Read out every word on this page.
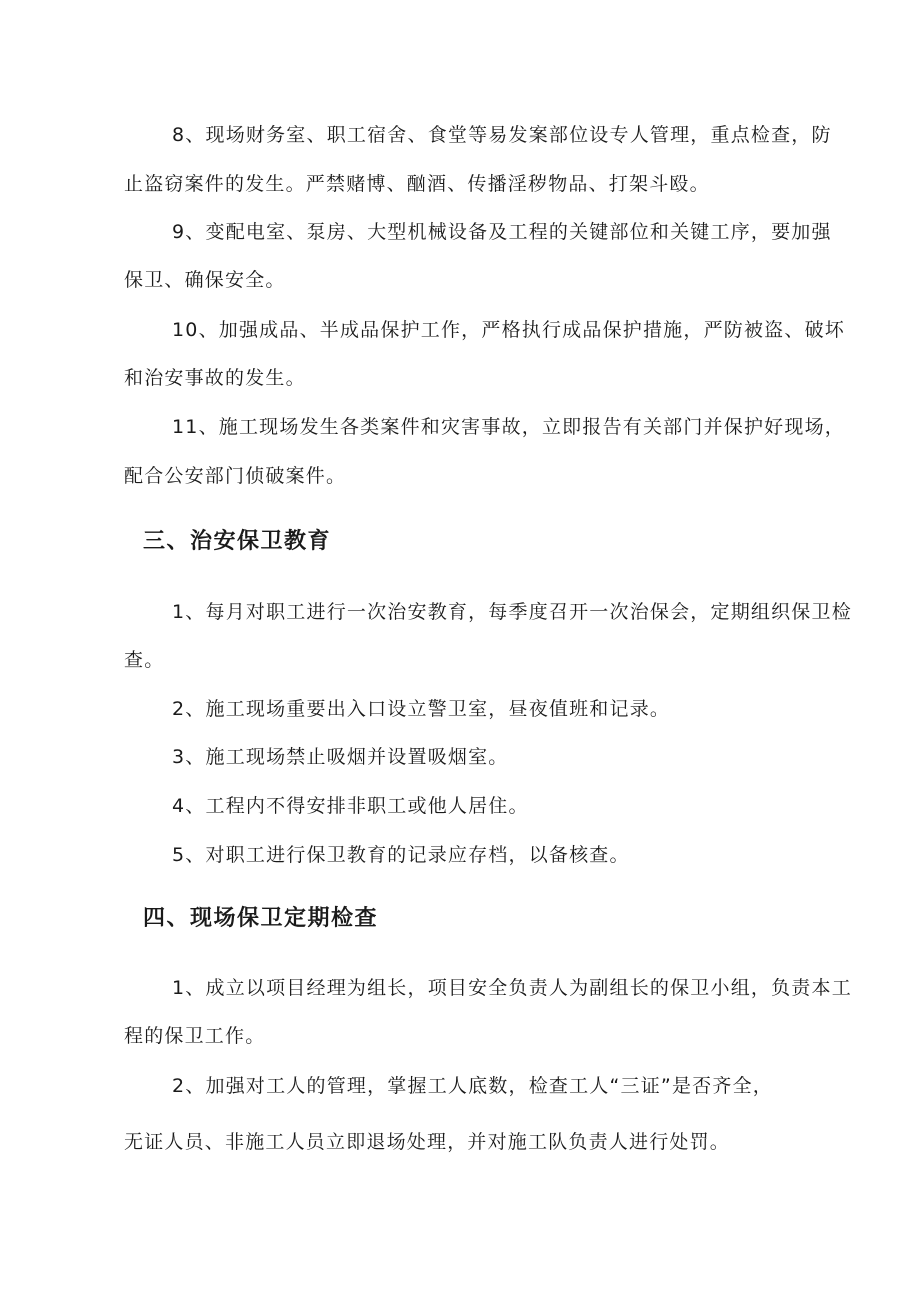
8、现场财务室、职工宿舍、食堂等易发案部位设专人管理，重点检查，防

止盗窃案件的发生。严禁赌博、酗酒、传播淫秽物品、打架斗殴。

9、变配电室、泵房、大型机械设备及工程的关键部位和关键工序，要加强

保卫、确保安全。

10、加强成品、半成品保护工作，严格执行成品保护措施，严防被盗、破坏

和治安事故的发生。

11、施工现场发生各类案件和灾害事故，立即报告有关部门并保护好现场，

配合公安部门侦破案件。

三、治安保卫教育

1、每月对职工进行一次治安教育，每季度召开一次治保会，定期组织保卫检

查。

2、施工现场重要出入口设立警卫室，昼夜值班和记录。

3、施工现场禁止吸烟并设置吸烟室。

4、工程内不得安排非职工或他人居住。

5、对职工进行保卫教育的记录应存档，以备核查。

四、现场保卫定期检查

1、成立以项目经理为组长，项目安全负责人为副组长的保卫小组，负责本工

程的保卫工作。

2、加强对工人的管理，掌握工人底数，检查工人“三证”是否齐全，

无证人员、非施工人员立即退场处理，并对施工队负责人进行处罚。
